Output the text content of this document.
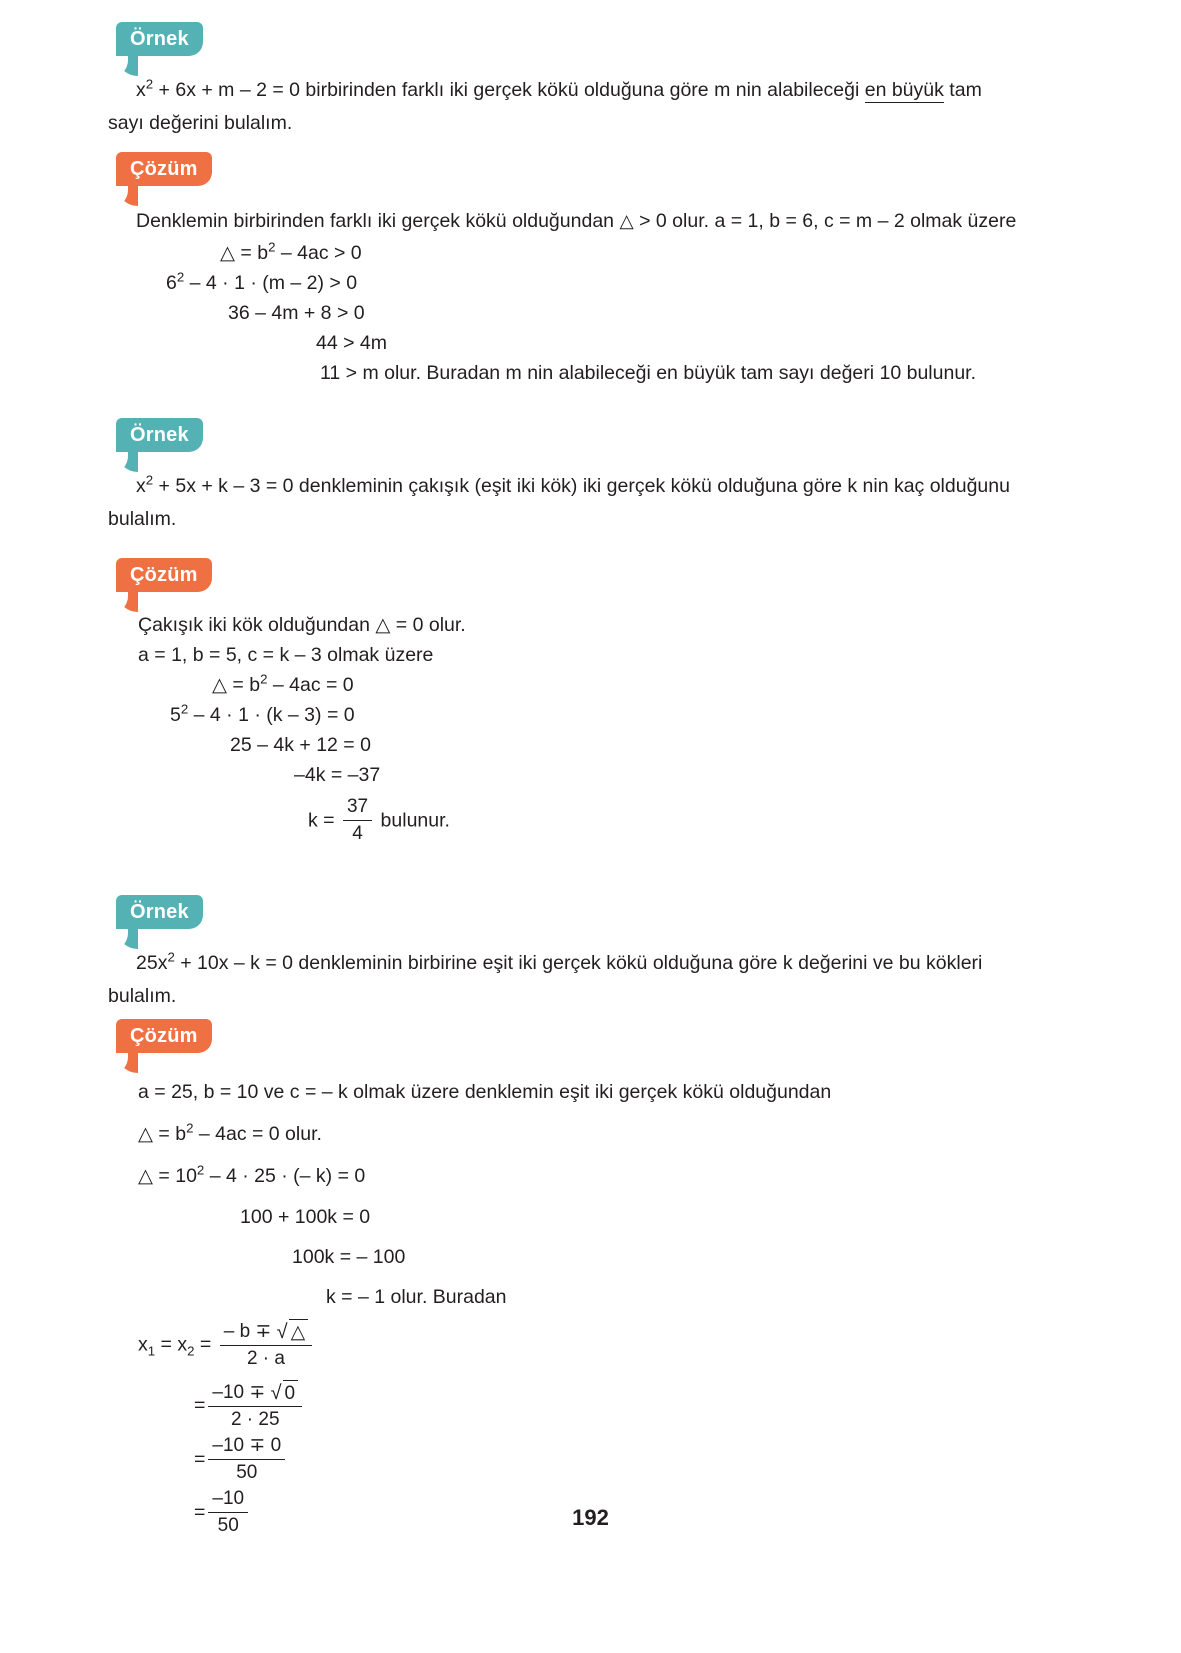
Örnek

$x^2 + 6x + m - 2 = 0$ birbirinden farklı iki gerçek kökü olduğuna göre m nin alabileceği en büyük tam sayı değerini bulalım.

Çözüm

Denklemin birbirinden farklı iki gerçek kökü olduğundan △ > 0 olur. a = 1, b = 6, c = m – 2 olmak üzere

△ = $b^2 - 4ac > 0$
$6^2 - 4 \cdot 1 \cdot (m - 2) > 0$
36 – 4m + 8 > 0
44 > 4m
11 > m olur. Buradan m nin alabileceği en büyük tam sayı değeri 10 bulunur.
Örnek

$x^2 + 5x + k - 3 = 0$ denkleminin çakışık (eşit iki kök) iki gerçek kökü olduğuna göre k nin kaç olduğunu bulalım.

Çözüm
Çakışık iki kök olduğundan △ = 0 olur.
a = 1, b = 5, c = k – 3 olmak üzere
△ = $b^2 - 4ac = 0$
$5^2 - 4 \cdot 1 \cdot (k - 3) = 0$
25 – 4k + 12 = 0
–4k = –37
$k = \frac{37}{4}$ bulunur.
Örnek

$25x^2 + 10x - k = 0$ denkleminin birbirine eşit iki gerçek kökü olduğuna göre k değerini ve bu kökleri bulalım.

Çözüm
a = 25, b = 10 ve c = – k olmak üzere denklemin eşit iki gerçek kökü olduğundan
△ = $b^2 - 4ac = 0$ olur.
△ = $10^2 - 4 \cdot 25$ · (– k) = 0
100 + 100k = 0
100k = – 100
k = – 1 olur. Buradan
$x_1 = x_2 = \frac{- b \mp √ \triangle}{2 \cdot a}$
= $\frac{-10 \mp √ 0}{2 \cdot 25}$
= $\frac{-10 \mp 0}{50}$
= $\frac{-10}{50}$	192
